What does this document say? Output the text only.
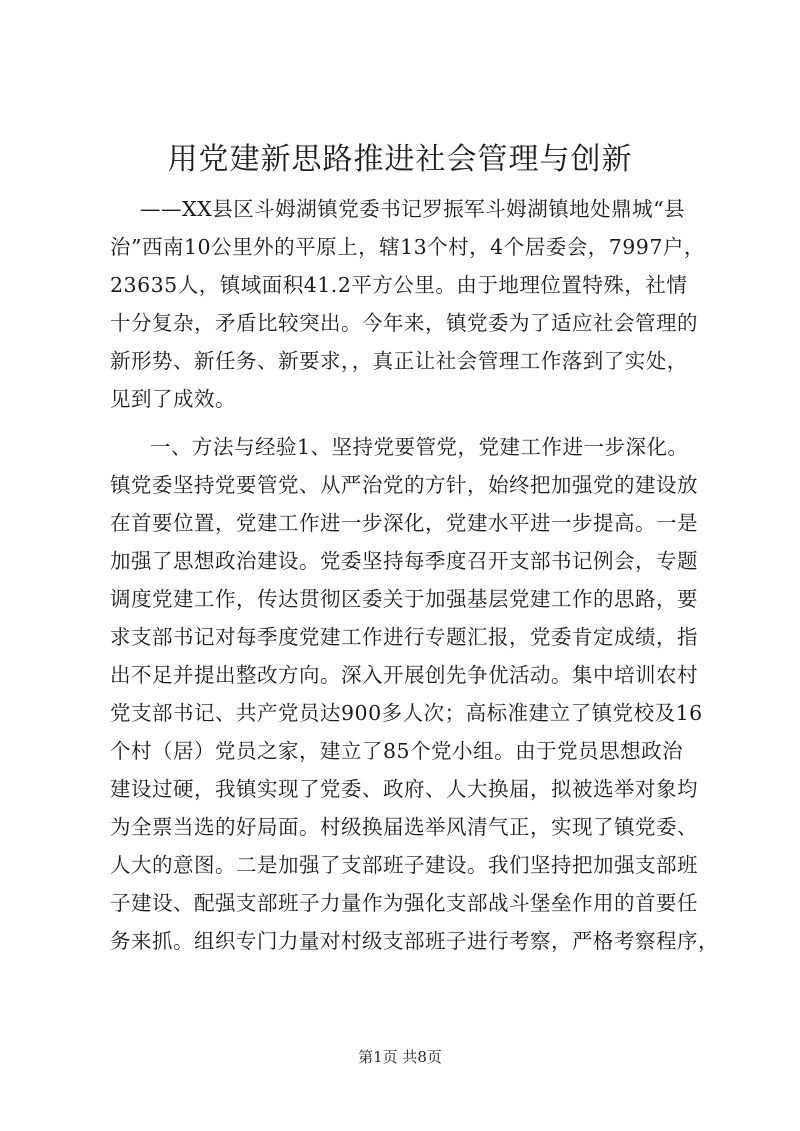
用党建新思路推进社会管理与创新
——XX县区斗姆湖镇党委书记罗振军斗姆湖镇地处鼎城“县
治”西南10公里外的平原上，辖13个村，4个居委会，7997户，
23635人，镇域面积41.2平方公里。由于地理位置特殊，社情
十分复杂，矛盾比较突出。今年来，镇党委为了适应社会管理的
新形势、新任务、新要求，，真正让社会管理工作落到了实处，
见到了成效。
一、方法与经验1、坚持党要管党，党建工作进一步深化。
镇党委坚持党要管党、从严治党的方针，始终把加强党的建设放
在首要位置，党建工作进一步深化，党建水平进一步提高。一是
加强了思想政治建设。党委坚持每季度召开支部书记例会，专题
调度党建工作，传达贯彻区委关于加强基层党建工作的思路，要
求支部书记对每季度党建工作进行专题汇报，党委肯定成绩，指
出不足并提出整改方向。深入开展创先争优活动。集中培训农村
党支部书记、共产党员达900多人次；高标准建立了镇党校及16
个村（居）党员之家，建立了85个党小组。由于党员思想政治
建设过硬，我镇实现了党委、政府、人大换届，拟被选举对象均
为全票当选的好局面。村级换届选举风清气正，实现了镇党委、
人大的意图。二是加强了支部班子建设。我们坚持把加强支部班
子建设、配强支部班子力量作为强化支部战斗堡垒作用的首要任
务来抓。组织专门力量对村级支部班子进行考察，严格考察程序，
第1页 共8页
